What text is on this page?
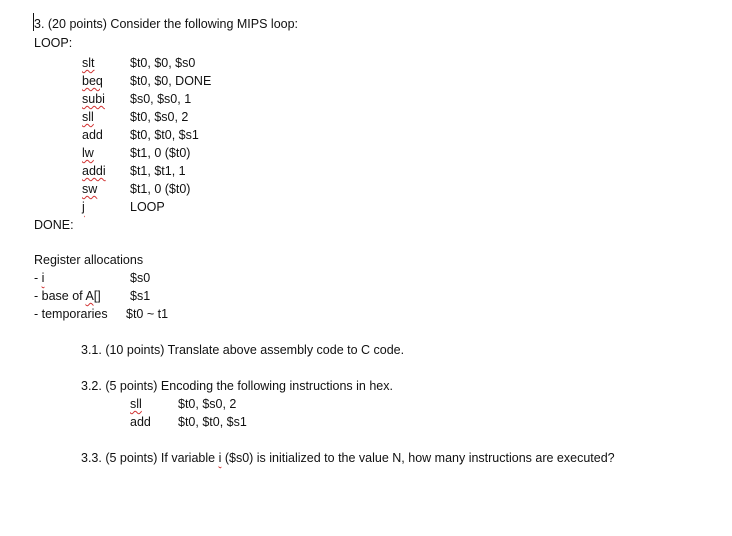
3. (20 points) Consider the following MIPS loop:
LOOP:
slt	$t0, $0, $s0
beq $t0, $0, DONE
subi $s0, $s0, 1
sll	$t0, $s0, 2
add $t0, $t0, $s1
lw	$t1, 0 ($t0)
addi $t1, $t1, 1
sw	$t1, 0 ($t0)
j	LOOP
DONE:
Register allocations
- i	$s0
- base of A[] $s1
- temporaries $t0 ~ t1
3.1. (10 points) Translate above assembly code to C code.
3.2. (5 points) Encoding the following instructions in hex.
sll	$t0, $s0, 2
add $t0, $t0, $s1
3.3. (5 points) If variable i ($s0) is initialized to the value N, how many instructions are executed?
